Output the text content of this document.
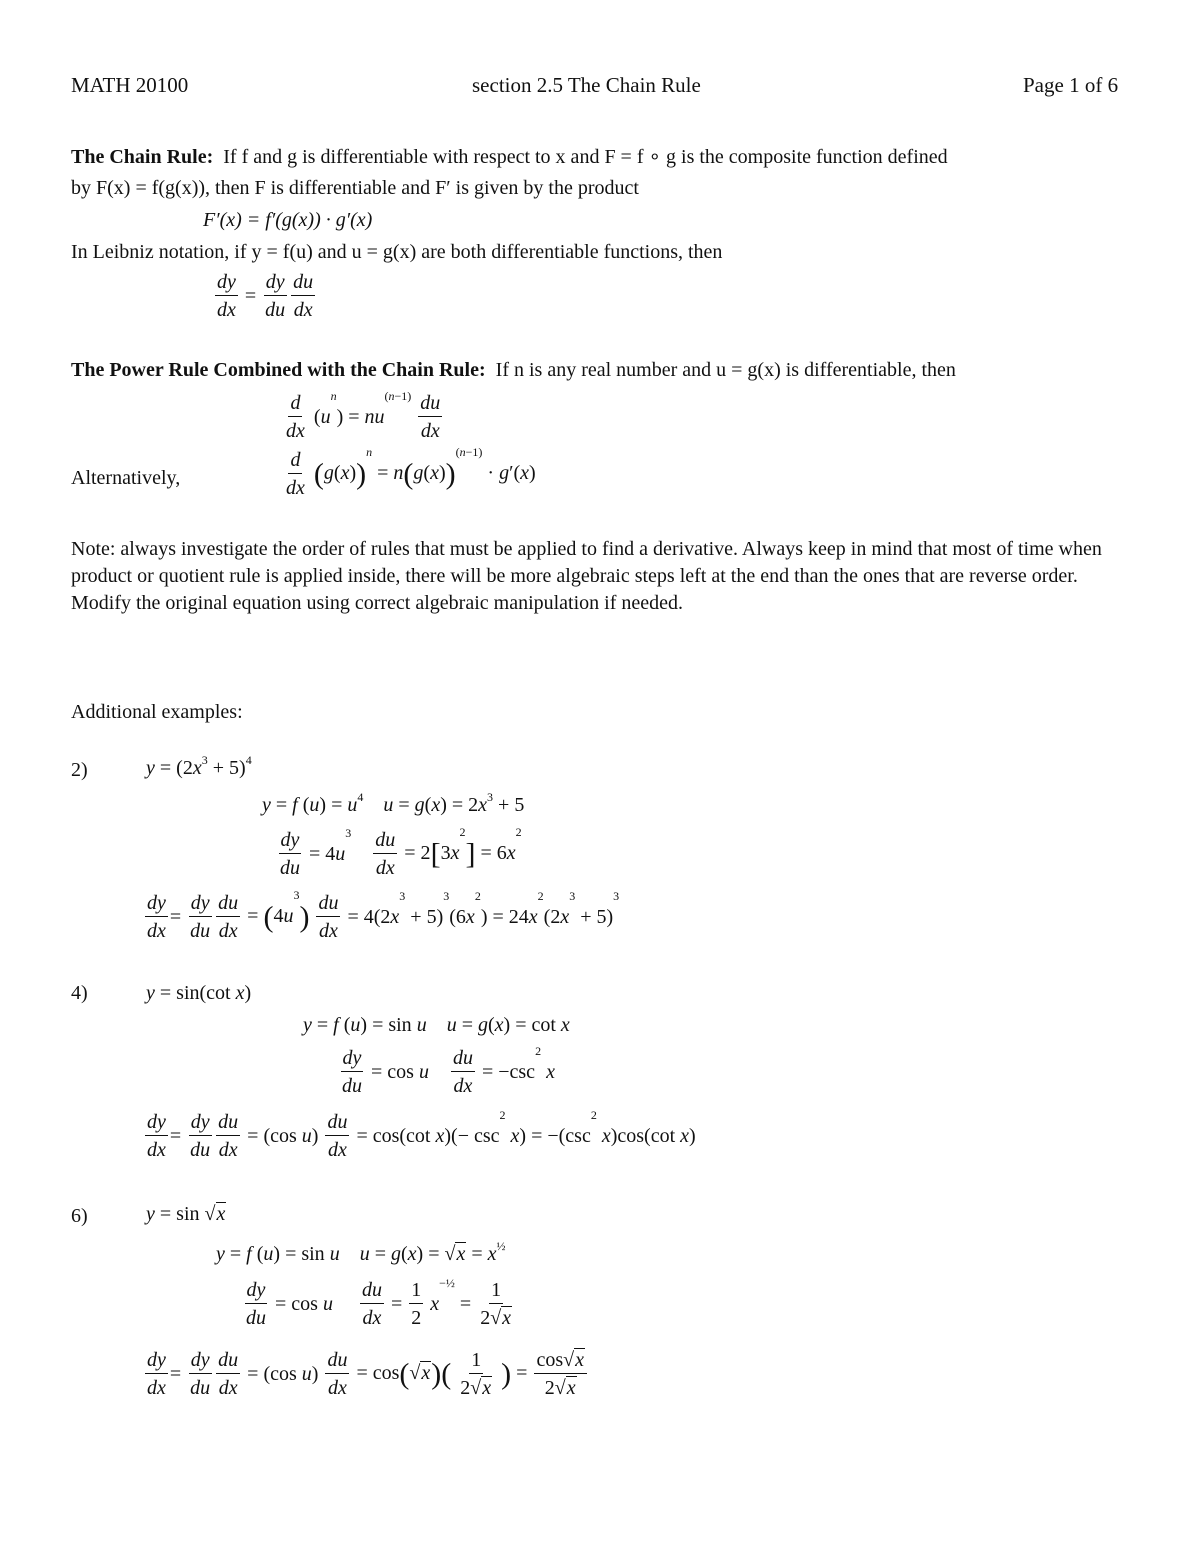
MATH 20100	section 2.5 The Chain Rule	Page 1 of 6
The Chain Rule: If f and g is differentiable with respect to x and F = f ∘ g is the composite function defined
by F(x) = f(g(x)), then F is differentiable and F′ is given by the product
F′(x) = f′(g(x)) · g′(x)
In Leibniz notation, if y = f(u) and u = g(x) are both differentiable functions, then
$\frac{dy}{dx} = \frac{dy}{du} \frac{du}{dx}$
The Power Rule Combined with the Chain Rule: If n is any real number and u = g(x) is differentiable, then
$\frac{d}{dx} (u^n) = nu^{(n-1)} \frac{du}{dx}$
Alternatively,	$\frac{d}{dx} (g(x))^n = n(g(x))^{(n-1)} \cdot g'(x)$
Note: always investigate the order of rules that must be applied to find a derivative. Always keep in mind that most of time when product or quotient rule is applied inside, there will be more algebraic steps left at the end than the ones that are reverse order. Modify the original equation using correct algebraic manipulation if needed.
Additional examples:
2)	$y = (2x^3 + 5)^4$
y = f $(u) = u^4$ $u = g(x) = 2x^3 + 5$
$\frac{dy}{du} = 4u^3 \frac{du}{dx} = 2[3x^2] = 6x^2$
$\frac{dy}{dx} = \frac{dy}{du} \frac{du}{dx} = (4u^3) \frac{du}{dx} = 4(2x^3 + 5)^3(6x^2) = 24x^2(2x^3 + 5)^3$
4)	y = sin(cot x)
y = f (u) = sin u u = g(x) = cot x
$\frac{dy}{du} = \cos u \frac{du}{dx} = -\csc^2$ x
$\frac{dy}{dx} = \frac{dy}{du} \frac{du}{dx} = (\cos$ $u) \frac{du}{dx} = \cos(\cot$ $x)(- \csc^2 x) = -(\csc^2$ x)cos(cot x)
6)	y = sin √x
y = f (u) = sin u $u = g(x) = √x = x^{\frac{1}{2}}$
$\frac{dy}{du} = \cos u \frac{du}{dx} = \frac{1}{2} x^{-\frac{1}{2}} = \frac{1}{2√x}$
$\frac{dy}{dx} = \frac{dy}{du} \frac{du}{dx} = (\cos$ $u) \frac{du}{dx} = \cos(√x)( \frac{1}{2√x}$ ) = $\frac{\cos√x}{2√x}$
